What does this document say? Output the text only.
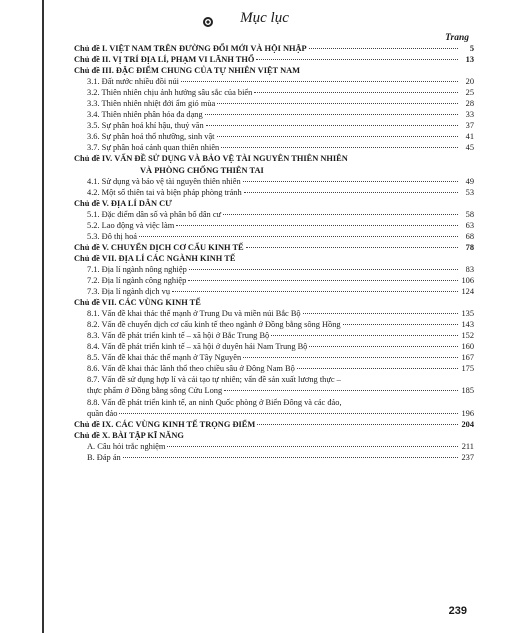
Mục lục
Trang
Chủ đề I. VIỆT NAM TRÊN ĐƯỜNG ĐỔI MỚI VÀ HỘI NHẬP	5
Chủ đề II. VỊ TRÍ ĐỊA LÍ, PHẠM VI LÃNH THỔ	13
Chủ đề III. ĐẶC ĐIỂM CHUNG CỦA TỰ NHIÊN VIỆT NAM
3.1. Đất nước nhiều đồi núi	20
3.2. Thiên nhiên chịu ảnh hưởng sâu sắc của biển	25
3.3. Thiên nhiên nhiệt đới ẩm gió mùa	28
3.4. Thiên nhiên phân hóa đa dạng	33
3.5. Sự phân hoá khí hậu, thuỷ văn	37
3.6. Sự phân hoá thổ nhưỡng, sinh vật	41
3.7. Sự phân hoá cảnh quan thiên nhiên	45
Chủ đề IV. VẤN ĐỀ SỬ DỤNG VÀ BẢO VỆ TÀI NGUYÊN THIÊN NHIÊN
VÀ PHÒNG CHỐNG THIÊN TAI
4.1. Sử dụng và bảo vệ tài nguyên thiên nhiên	49
4.2. Một số thiên tai và biện pháp phòng tránh	53
Chủ đề V. ĐỊA LÍ DÂN CƯ
5.1. Đặc điểm dân số và phân bố dân cư	58
5.2. Lao động và việc làm	63
5.3. Đô thị hoá	68
Chủ đề V. CHUYỂN DỊCH CƠ CẤU KINH TẾ	78
Chủ đề VII. ĐỊA LÍ CÁC NGÀNH KINH TẾ
7.1. Địa lí ngành nông nghiệp	83
7.2. Địa lí ngành công nghiệp	106
7.3. Địa lí ngành dịch vụ	124
Chủ đề VII. CÁC VÙNG KINH TẾ
8.1. Vấn đề khai thác thế mạnh ở Trung Du và miền núi Bắc Bộ	135
8.2. Vấn đề chuyển dịch cơ cấu kinh tế theo ngành ở Đồng bằng sông Hồng	143
8.3. Vấn đề phát triển kinh tế – xã hội ở Bắc Trung Bộ	152
8.4. Vấn đề phát triển kinh tế – xã hội ở duyên hải Nam Trung Bộ	160
8.5. Vấn đề khai thác thế mạnh ở Tây Nguyên	167
8.6. Vấn đề khai thác lãnh thổ theo chiều sâu ở Đông Nam Bộ	175
8.7. Vấn đề sử dụng hợp lí và cải tạo tự nhiên; vấn đề sản xuất lương thực –
thực phẩm ở Đồng bằng sông Cửu Long	185
8.8. Vấn đề phát triển kinh tế, an ninh Quốc phòng ở Biển Đông và các đảo,
quần đảo	196
Chủ đề IX. CÁC VÙNG KINH TẾ TRỌNG ĐIỂM	204
Chủ đề X. BÀI TẬP KĨ NĂNG
A. Câu hỏi trắc nghiệm	211
B. Đáp án	237
239
